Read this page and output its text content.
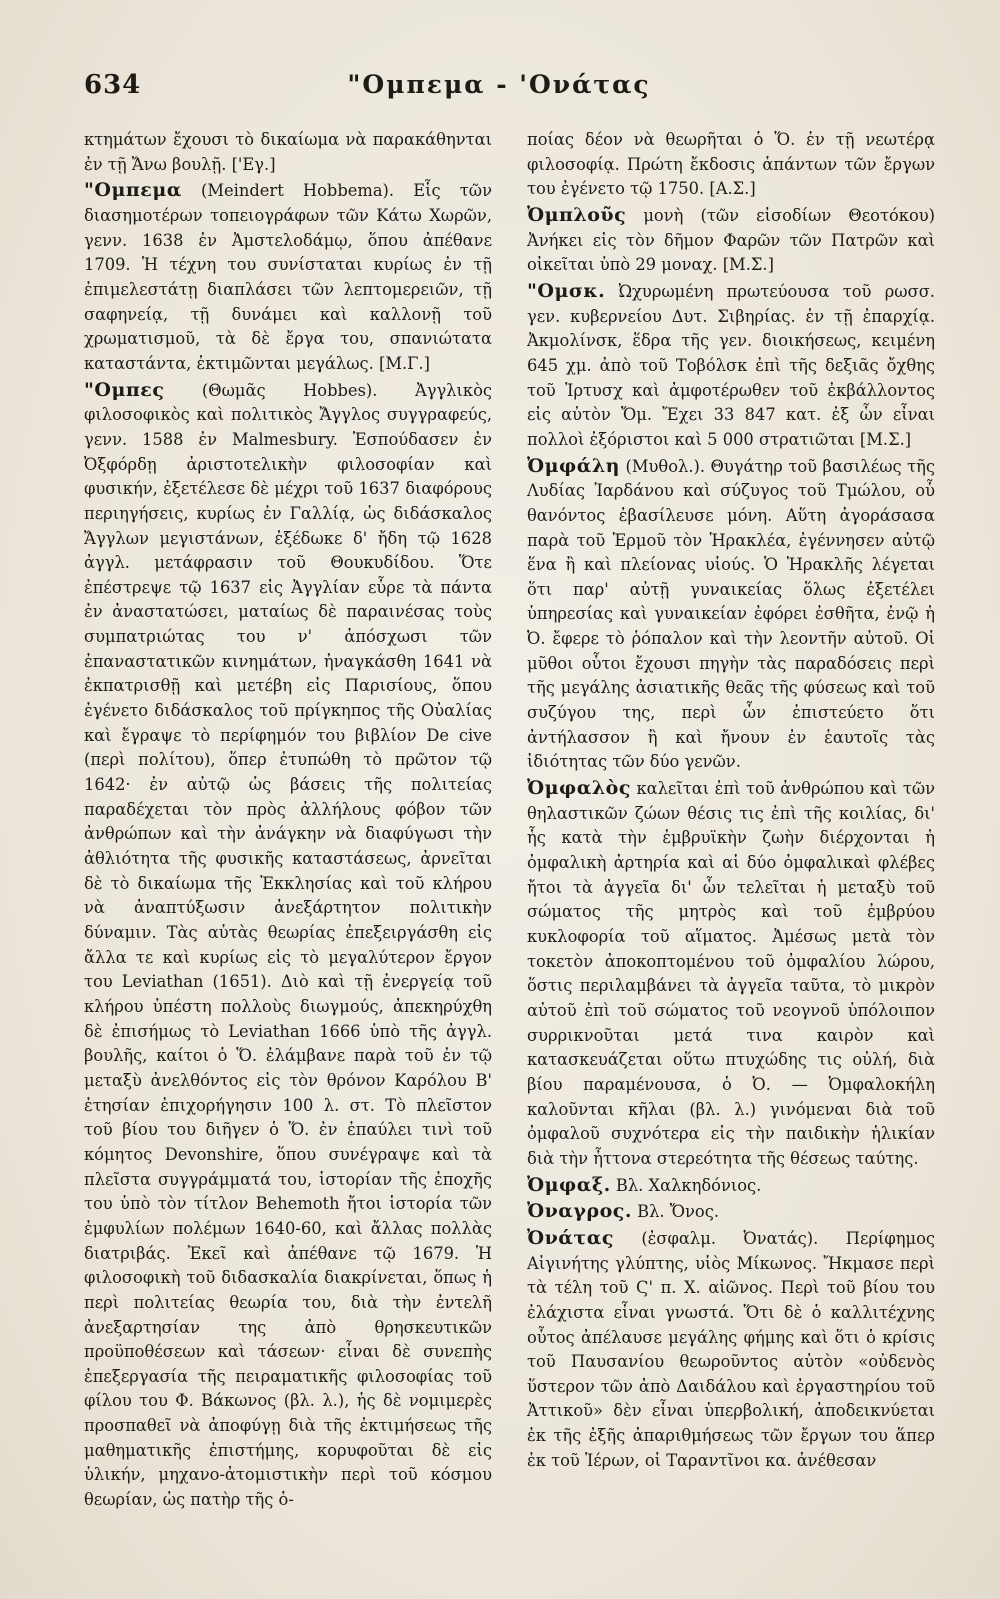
634	"Ομπεμα - 'Ονάτας

κτημάτων ἔχουσι τὸ δικαίωμα νὰ παρακάθηνται ἐν τῇ Ἄνω βουλῇ. ['Εγ.]

"Ομπεμα (Meindert Hobbema). Εἷς τῶν διασημοτέρων τοπειογράφων τῶν Κάτω Χωρῶν, γενν. 1638 ἐν Ἀμστελοδάμῳ, ὅπου ἀπέθανε 1709. Ἡ τέχνη του συνίσταται κυρίως ἐν τῇ ἐπιμελεστάτῃ διαπλάσει τῶν λεπτομερειῶν, τῇ σαφηνείᾳ, τῇ δυνάμει καὶ καλλονῇ τοῦ χρωματισμοῦ, τὰ δὲ ἔργα του, σπανιώτατα καταστάντα, ἐκτιμῶνται μεγάλως. [Μ.Γ.]

"Ομπες (Θωμᾶς Hobbes). Ἀγγλικὸς φιλοσοφικὸς καὶ πολιτικὸς Ἄγγλος συγγραφεύς, γενν. 1588 ἐν Malmesbury. Ἐσπούδασεν ἐν Ὀξφόρδῃ ἀριστοτελικὴν φιλοσοφίαν καὶ φυσικήν, ἐξετέλεσε δὲ μέχρι τοῦ 1637 διαφόρους περιηγήσεις, κυρίως ἐν Γαλλίᾳ, ὡς διδάσκαλος Ἄγγλων μεγιστάνων, ἐξέδωκε δ' ἤδη τῷ 1628 ἀγγλ. μετάφρασιν τοῦ Θουκυδίδου. Ὅτε ἐπέστρεψε τῷ 1637 εἰς Ἀγγλίαν εὗρε τὰ πάντα ἐν ἀναστατώσει, ματαίως δὲ παραινέσας τοὺς συμπατριώτας του ν' ἀπόσχωσι τῶν ἐπαναστατικῶν κινημάτων, ἠναγκάσθη 1641 νὰ ἐκπατρισθῇ καὶ μετέβη εἰς Παρισίους, ὅπου ἐγένετο διδάσκαλος τοῦ πρίγκηπος τῆς Οὐαλίας καὶ ἔγραψε τὸ περίφημόν του βιβλίον De cive (περὶ πολίτου), ὅπερ ἐτυπώθη τὸ πρῶτον τῷ 1642· ἐν αὐτῷ ὡς βάσεις τῆς πολιτείας παραδέχεται τὸν πρὸς ἀλλήλους φόβον τῶν ἀνθρώπων καὶ τὴν ἀνάγκην νὰ διαφύγωσι τὴν ἀθλιότητα τῆς φυσικῆς καταστάσεως, ἀρνεῖται δὲ τὸ δικαίωμα τῆς Ἐκκλησίας καὶ τοῦ κλήρου νὰ ἀναπτύξωσιν ἀνεξάρτητον πολιτικὴν δύναμιν. Τὰς αὐτὰς θεωρίας ἐπεξειργάσθη εἰς ἄλλα τε καὶ κυρίως εἰς τὸ μεγαλύτερον ἔργον του Leviathan (1651). Διὸ καὶ τῇ ἐνεργείᾳ τοῦ κλήρου ὑπέστη πολλοὺς διωγμούς, ἀπεκηρύχθη δὲ ἐπισήμως τὸ Leviathan 1666 ὑπὸ τῆς ἀγγλ. βουλῆς, καίτοι ὁ Ὅ. ἐλάμβανε παρὰ τοῦ ἐν τῷ μεταξὺ ἀνελθόντος εἰς τὸν θρόνον Καρόλου Β' ἐτησίαν ἐπιχορήγησιν 100 λ. στ. Τὸ πλεῖστον τοῦ βίου του διῆγεν ὁ Ὅ. ἐν ἐπαύλει τινὶ τοῦ κόμητος Devonshire, ὅπου συνέγραψε καὶ τὰ πλεῖστα συγγράμματά του, ἱστορίαν τῆς ἐποχῆς του ὑπὸ τὸν τίτλον Behemoth ἤτοι ἱστορία τῶν ἐμφυλίων πολέμων 1640-60, καὶ ἄλλας πολλὰς διατριβάς. Ἐκεῖ καὶ ἀπέθανε τῷ 1679. Ἡ φιλοσοφικὴ τοῦ διδασκαλία διακρίνεται, ὅπως ἡ περὶ πολιτείας θεωρία του, διὰ τὴν ἐντελῆ ἀνεξαρτησίαν της ἀπὸ θρησκευτικῶν προϋποθέσεων καὶ τάσεων· εἶναι δὲ συνεπὴς ἐπεξεργασία τῆς πειραματικῆς φιλοσοφίας τοῦ φίλου του Φ. Βάκωνος (βλ. λ.), ἡς δὲ νομιμερὲς προσπαθεῖ νὰ ἀποφύγῃ διὰ τῆς ἐκτιμήσεως τῆς μαθηματικῆς ἐπιστήμης, κορυφοῦται δὲ εἰς ὑλικήν, μηχανο-ἀτομιστικὴν περὶ τοῦ κόσμου θεωρίαν, ὡς πατὴρ τῆς ὁ-

ποίας δέον νὰ θεωρῆται ὁ Ὅ. ἐν τῇ νεωτέρᾳ φιλοσοφίᾳ. Πρώτη ἔκδοσις ἁπάντων τῶν ἔργων του ἐγένετο τῷ 1750. [Α.Σ.]

Ὀμπλοῦς μονὴ (τῶν εἰσοδίων Θεοτόκου) Ἀνήκει εἰς τὸν δῆμον Φαρῶν τῶν Πατρῶν καὶ οἰκεῖται ὑπὸ 29 μοναχ. [Μ.Σ.]

"Ομσκ. Ὠχυρωμένη πρωτεύουσα τοῦ ρωσσ. γεν. κυβερνείου Δυτ. Σιβηρίας. ἐν τῇ ἐπαρχίᾳ. Ἀκμολίνσκ, ἕδρα τῆς γεν. διοικήσεως, κειμένη 645 χμ. ἀπὸ τοῦ Τοβόλσκ ἐπὶ τῆς δεξιᾶς ὄχθης τοῦ Ἰρτυσχ καὶ ἀμφοτέρωθεν τοῦ ἐκβάλλοντος εἰς αὐτὸν Ὄμ. Ἔχει 33 847 κατ. ἐξ ὧν εἶναι πολλοὶ ἐξόριστοι καὶ 5 000 στρατιῶται [Μ.Σ.]

Ὀμφάλη (Μυθολ.). Θυγάτηρ τοῦ βασιλέως τῆς Λυδίας Ἰαρδάνου καὶ σύζυγος τοῦ Τμώλου, οὗ θανόντος ἐβασίλευσε μόνη. Αὕτη ἀγοράσασα παρὰ τοῦ Ἑρμοῦ τὸν Ἡρακλέα, ἐγέννησεν αὐτῷ ἕνα ἢ καὶ πλείονας υἱούς. Ὁ Ἡρακλῆς λέγεται ὅτι παρ' αὐτῇ γυναικείας ὅλως ἐξετέλει ὑπηρεσίας καὶ γυναικείαν ἐφόρει ἐσθῆτα, ἐνῷ ἡ Ὀ. ἔφερε τὸ ῥόπαλον καὶ τὴν λεοντῆν αὐτοῦ. Οἱ μῦθοι οὗτοι ἔχουσι πηγὴν τὰς παραδόσεις περὶ τῆς μεγάλης ἀσιατικῆς θεᾶς τῆς φύσεως καὶ τοῦ συζύγου της, περὶ ὧν ἐπιστεύετο ὅτι ἀντήλασσον ἢ καὶ ἤνουν ἐν ἑαυτοῖς τὰς ἰδιότητας τῶν δύο γενῶν.

Ὀμφαλὸς καλεῖται ἐπὶ τοῦ ἀνθρώπου καὶ τῶν θηλαστικῶν ζώων θέσις τις ἐπὶ τῆς κοιλίας, δι' ἧς κατὰ τὴν ἐμβρυϊκὴν ζωὴν διέρχονται ἡ ὀμφαλικὴ ἀρτηρία καὶ αἱ δύο ὀμφαλικαὶ φλέβες ἤτοι τὰ ἀγγεῖα δι' ὧν τελεῖται ἡ μεταξὺ τοῦ σώματος τῆς μητρὸς καὶ τοῦ ἐμβρύου κυκλοφορία τοῦ αἵματος. Ἀμέσως μετὰ τὸν τοκετὸν ἀποκοπτομένου τοῦ ὀμφαλίου λώρου, ὅστις περιλαμβάνει τὰ ἀγγεῖα ταῦτα, τὸ μικρὸν αὐτοῦ ἐπὶ τοῦ σώματος τοῦ νεογνοῦ ὑπόλοιπον συρρικνοῦται μετά τινα καιρὸν καὶ κατασκευάζεται οὕτω πτυχώδης τις οὐλή, διὰ βίου παραμένουσα, ὁ Ὀ. — Ὀμφαλοκήλη καλοῦνται κῆλαι (βλ. λ.) γινόμεναι διὰ τοῦ ὀμφαλοῦ συχνότερα εἰς τὴν παιδικὴν ἡλικίαν διὰ τὴν ἧττονα στερεότητα τῆς θέσεως ταύτης.

Ὀμφαξ. Βλ. Χαλκηδόνιος.

Ὀναγρος. Βλ. Ὄνος.

Ὀνάτας (ἐσφαλμ. Ὀνατάς). Περίφημος Αἰγινήτης γλύπτης, υἱὸς Μίκωνος. Ἤκμασε περὶ τὰ τέλη τοῦ Ϛ' π. Χ. αἰῶνος. Περὶ τοῦ βίου του ἐλάχιστα εἶναι γνωστά. Ὅτι δὲ ὁ καλλιτέχνης οὗτος ἀπέλαυσε μεγάλης φήμης καὶ ὅτι ὁ κρίσις τοῦ Παυσανίου θεωροῦντος αὐτὸν «οὐδενὸς ὕστερον τῶν ἀπὸ Δαιδάλου καὶ ἐργαστηρίου τοῦ Ἀττικοῦ» δὲν εἶναι ὑπερβολική, ἀποδεικνύεται ἐκ τῆς ἐξῆς ἀπαριθμήσεως τῶν ἔργων του ἅπερ ἐκ τοῦ Ἱέρων, οἱ Ταραντῖνοι κα. ἀνέθεσαν
